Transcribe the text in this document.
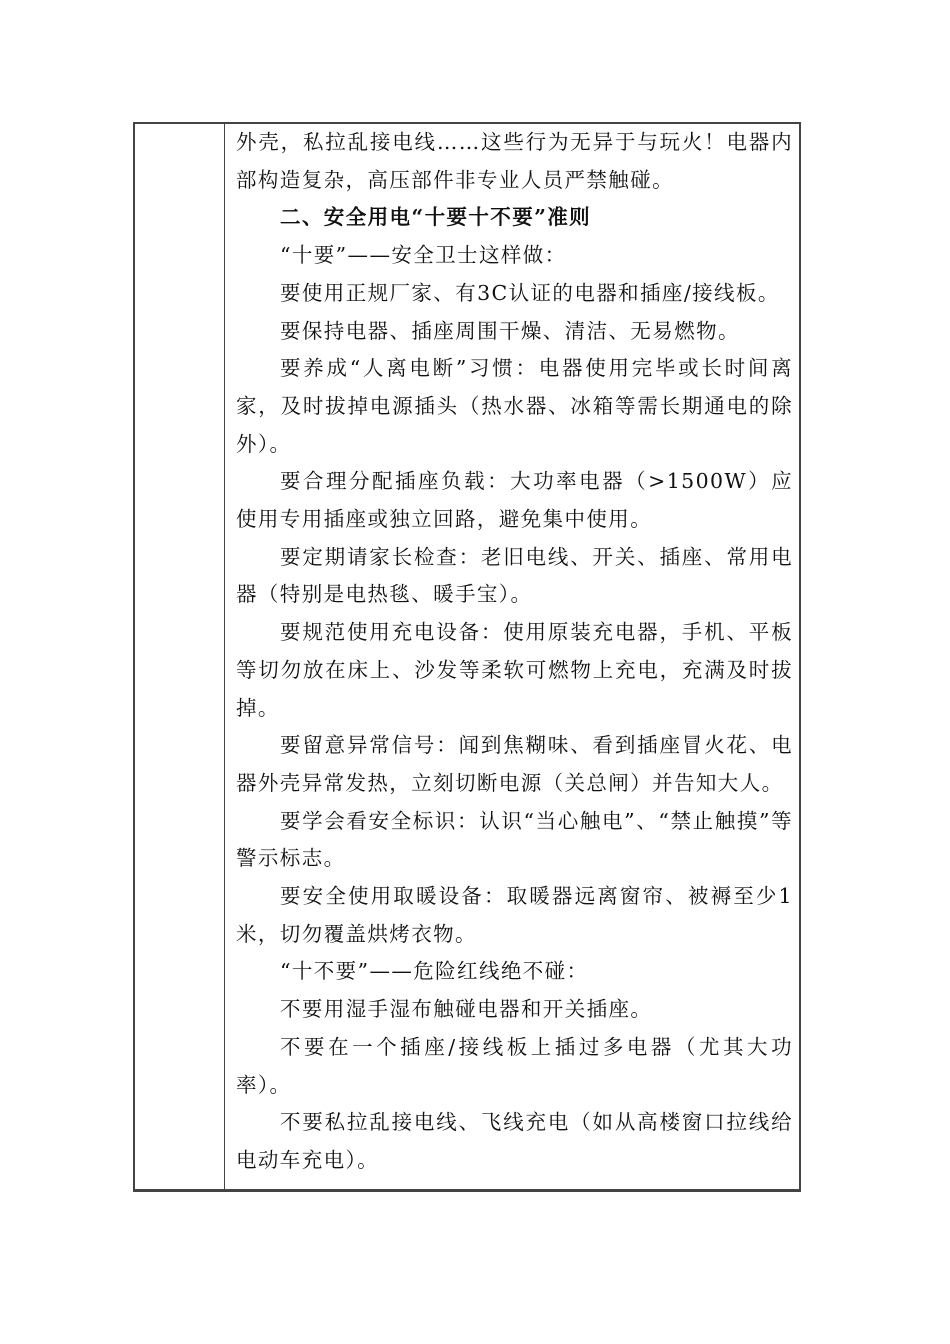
外壳，私拉乱接电线……这些行为无异于与玩火！电器内部构造复杂，高压部件非专业人员严禁触碰。

二、安全用电“十要十不要”准则

“十要”——安全卫士这样做：

要使用正规厂家、有3C认证的电器和插座/接线板。

要保持电器、插座周围干燥、清洁、无易燃物。

要养成“人离电断”习惯：电器使用完毕或长时间离家，及时拔掉电源插头（热水器、冰箱等需长期通电的除外）。

要合理分配插座负载：大功率电器（>1500W）应使用专用插座或独立回路，避免集中使用。

要定期请家长检查：老旧电线、开关、插座、常用电器（特别是电热毯、暖手宝）。

要规范使用充电设备：使用原装充电器，手机、平板等切勿放在床上、沙发等柔软可燃物上充电，充满及时拔掉。

要留意异常信号：闻到焦糊味、看到插座冒火花、电器外壳异常发热，立刻切断电源（关总闸）并告知大人。

要学会看安全标识：认识“当心触电”、“禁止触摸”等警示标志。

要安全使用取暖设备：取暖器远离窗帘、被褥至少1米，切勿覆盖烘烤衣物。

“十不要”——危险红线绝不碰：

不要用湿手湿布触碰电器和开关插座。

不要在一个插座/接线板上插过多电器（尤其大功率）。

不要私拉乱接电线、飞线充电（如从高楼窗口拉线给电动车充电）。
